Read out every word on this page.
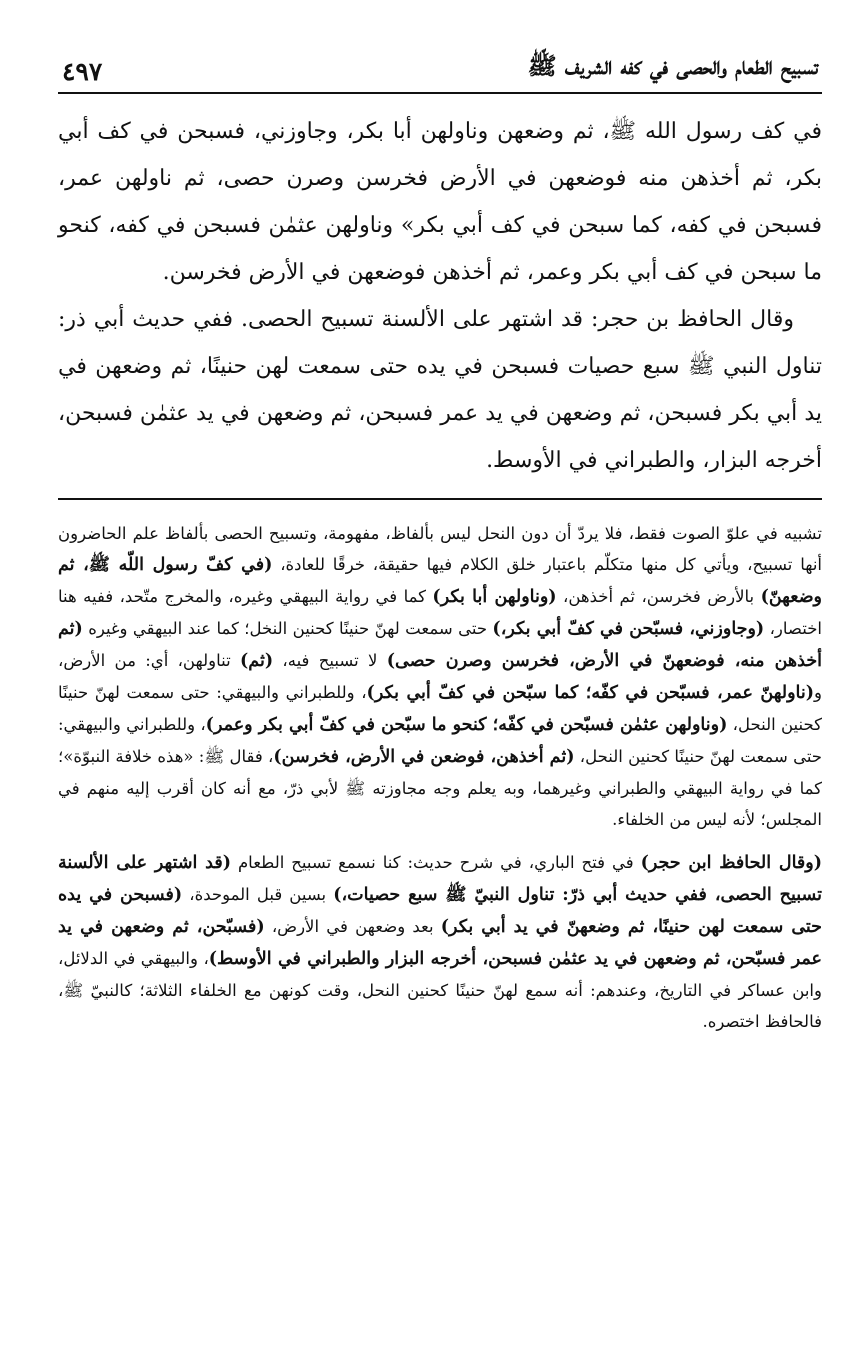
تسبيح الطعام والحصى في كفه الشريف ﷺ
٤٩٧

في كف رسول الله ﷺ، ثم وضعهن وناولهن أبا بكر، وجاوزني، فسبحن في كف أبي بكر، ثم أخذهن منه فوضعهن في الأرض فخرسن وصرن حصى، ثم ناولهن عمر، فسبحن في كفه، كما سبحن في كف أبي بكر» وناولهن عثمٰن فسبحن في كفه، كنحو ما سبحن في كف أبي بكر وعمر، ثم أخذهن فوضعهن في الأرض فخرسن.

وقال الحافظ بن حجر: قد اشتهر على الألسنة تسبيح الحصى. ففي حديث أبي ذر: تناول النبي ﷺ سبع حصيات فسبحن في يده حتى سمعت لهن حنينًا، ثم وضعهن في يد أبي بكر فسبحن، ثم وضعهن في يد عمر فسبحن، ثم وضعهن في يد عثمٰن فسبحن، أخرجه البزار، والطبراني في الأوسط.

تشبيه في علوّ الصوت فقط، فلا يردّ أن دون النحل ليس بألفاظ، مفهومة، وتسبيح الحصى بألفاظ علم الحاضرون أنها تسبيح، ويأتي كل منها متكلّم باعتبار خلق الكلام فيها حقيقة، خرقًا للعادة، (في كفّ رسول اللّه ﷺ، ثم وضعهنّ) بالأرض فخرسن، ثم أخذهن، (وناولهن أبا بكر) كما في رواية البيهقي وغيره، والمخرج متّحد، ففيه هنا اختصار، (وجاوزني، فسبّحن في كفّ أبي بكر،) حتى سمعت لهنّ حنينًا كحنين النخل؛ كما عند البيهقي وغيره (ثم أخذهن منه، فوضعهنّ في الأرض، فخرسن وصرن حصى) لا تسبيح فيه، (ثم) تناولهن، أي: من الأرض، و(ناولهنّ عمر، فسبّحن في كفّه؛ كما سبّحن في كفّ أبي بكر)، وللطبراني والبيهقي: حتى سمعت لهنّ حنينًا كحنين النحل، (وناولهن عثمٰن فسبّحن في كفّه؛ كنحو ما سبّحن في كفّ أبي بكر وعمر)، وللطبراني والبيهقي: حتى سمعت لهنّ حنينًا كحنين النحل، (ثم أخذهن، فوضعن في الأرض، فخرسن)، فقال ﷺ: «هذه خلافة النبوّة»؛ كما في رواية البيهقي والطبراني وغيرهما، وبه يعلم وجه مجاوزته ﷺ لأبي ذرّ، مع أنه كان أقرب إليه منهم في المجلس؛ لأنه ليس من الخلفاء.

(وقال الحافظ ابن حجر) في فتح الباري، في شرح حديث: كنا نسمع تسبيح الطعام (قد اشتهر على الألسنة تسبيح الحصى، ففي حديث أبي ذرّ: تناول النبيّ ﷺ سبع حصيات،) بسين قبل الموحدة، (فسبحن في يده حتى سمعت لهن حنينًا، ثم وضعهنّ في يد أبي بكر) بعد وضعهن في الأرض، (فسبّحن، ثم وضعهن في يد عمر فسبّحن، ثم وضعهن في يد عثمٰن فسبحن، أخرجه البزار والطبراني في الأوسط)، والبيهقي في الدلائل، وابن عساكر في التاريخ، وعندهم: أنه سمع لهنّ حنينًا كحنين النحل، وقت كونهن مع الخلفاء الثلاثة؛ كالنبيّ ﷺ، فالحافظ اختصره.
